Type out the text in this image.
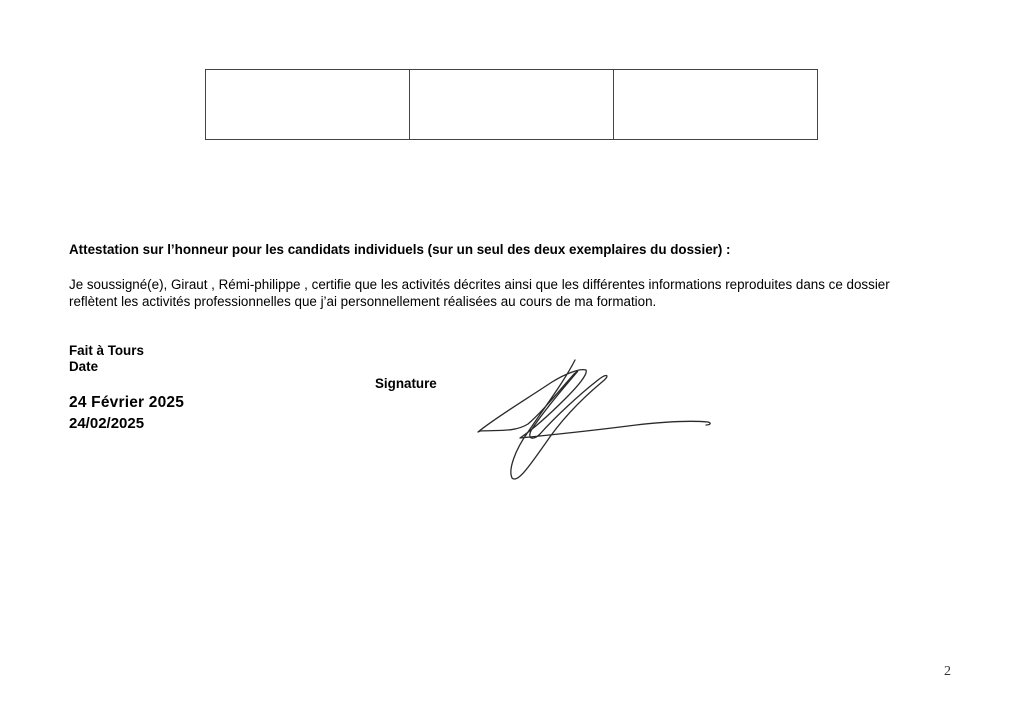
Attestation sur l’honneur pour les candidats individuels (sur un seul des deux exemplaires du dossier) :
Je soussigné(e), Giraut , Rémi-philippe , certifie que les activités décrites ainsi que les différentes informations reproduites dans ce dossier
reflètent les activités professionnelles que j’ai personnellement réalisées au cours de ma formation.
Fait à Tours
Date
Signature
24 Février 2025
24/02/2025
2
